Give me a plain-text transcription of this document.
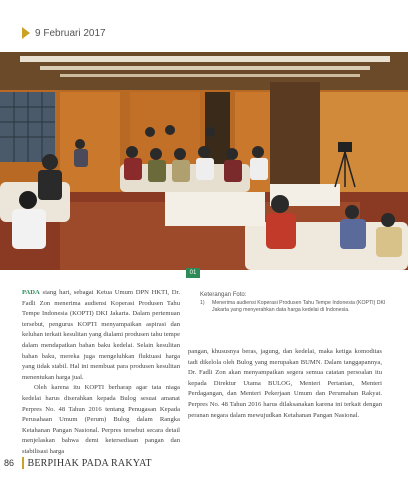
9 Februari 2017
01
Keterangan Foto:
1)	Menerima audiensi Koperasi Produsen Tahu Tempe Indonesia (KOPTI) DKI Jakarta yang menyerahkan data harga kedelai di Indonesia.

PADA siang hari, sebagai Ketua Umum DPN HKTI, Dr. Fadli Zon menerima audiensi Koperasi Produsen Tahu Tempe Indonesia (KOPTI) DKI Jakarta. Dalam pertemuan tersebut, pengurus KOPTI menyampaikan aspirasi dan keluhan terkait kesulitan yang dialami produsen tahu tempe dalam mendapatkan bahan baku kedelai. Selain kesulitan bahan baku, mereka juga mengeluhkan fluktuasi harga yang tidak stabil. Hal ini membuat para produsen kesulitan menentukan harga jual.

Oleh karena itu KOPTI berharap agar tata niaga kedelai harus diserahkan kepada Bulog sesuai amanat Perpres No. 48 Tahun 2016 tentang Penugasan Kepada Perusahaan Umum (Perum) Bulog dalam Rangka Ketahanan Pangan Nasional. Perpres tersebut secara detail menjelaskan bahwa demi ketersediaan pangan dan stabilisasi harga

pangan, khususnya beras, jagung, dan kedelai, maka ketiga komoditas tadi dikelola oleh Bulog yang merupakan BUMN. Dalam tanggapannya, Dr. Fadli Zon akan menyampaikan segera semua catatan persoalan itu kepada Direktur Utama BULOG, Menteri Pertanian, Menteri Perdagangan, dan Menteri Pekerjaan Umum dan Perumahan Rakyat. Perpres No. 48 Tahun 2016 harus dilaksanakan karena ini terkait dengan peranan negara dalam mewujudkan Ketahanan Pangan Nasional.

86	BERPIHAK PADA RAKYAT
